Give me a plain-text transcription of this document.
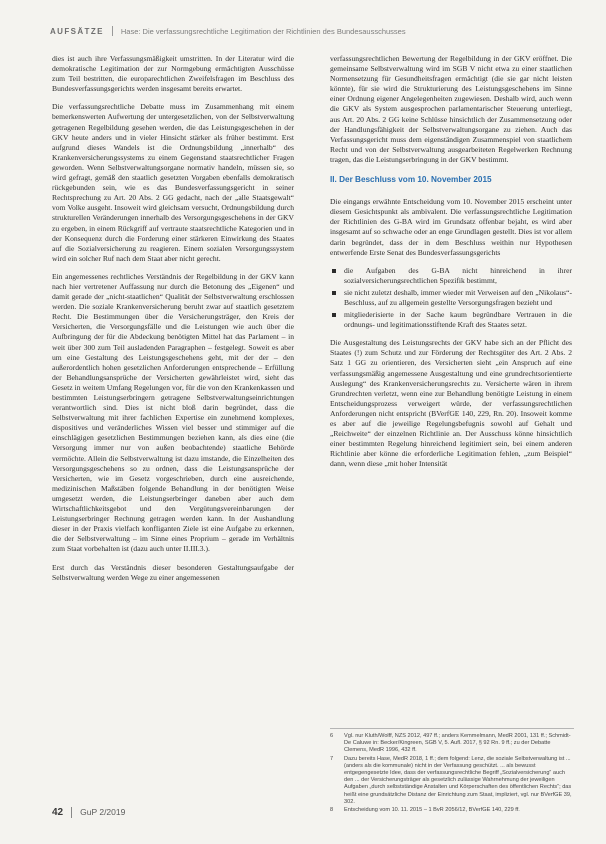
AUFSÄTZE Hase: Die verfassungsrechtliche Legitimation der Richtlinien des Bundesausschusses

dies ist auch ihre Verfassungsmäßigkeit umstritten. In der Literatur wird die demokratische Legitimation der zur Normgebung ermächtigten Ausschüsse zum Teil bestritten, die europarechtlichen Zweifelsfragen im Beschluss des Bundesverfassungsgerichts werden insgesamt bereits erwartet.

Die verfassungsrechtliche Debatte muss im Zusammenhang mit einem bemerkenswerten Aufwertung der untergesetzlichen, von der Selbstverwaltung getragenen Regelbildung gesehen werden, die das Leistungsgeschehen in der GKV heute anders und in vieler Hinsicht stärker als früher bestimmt. Erst aufgrund dieses Wandels ist die Ordnungsbildung „innerhalb“ des Krankenversicherungssystems zu einem Gegenstand staatsrechtlicher Fragen geworden. Wenn Selbstverwaltungsorgane normativ handeln, müssen sie, so wird gefragt, gemäß den staatlich gesetzten Vorgaben ebenfalls demokratisch rückgebunden sein, wie es das Bundesverfassungsgericht in seiner Rechtsprechung zu Art. 20 Abs. 2 GG gedacht, nach der „alle Staatsgewalt“ vom Volke ausgeht. Insoweit wird gleichsam versucht, Ordnungsbildung durch strukturellen Veränderungen innerhalb des Versorgungsgeschehens in der GKV zu ergeben, in einem Rückgriff auf vertraute staatsrechtliche Kategorien und in der Konsequenz durch die Forderung einer stärkeren Einwirkung des Staates auf die Sozialversicherung zu reagieren. Einem sozialen Versorgungssystem wird ein solcher Ruf nach dem Staat aber nicht gerecht.

Ein angemessenes rechtliches Verständnis der Regelbildung in der GKV kann nach hier vertretener Auffassung nur durch die Betonung des „Eigenen“ und damit gerade der „nicht-staatlichen“ Qualität der Selbstverwaltung erschlossen werden. Die soziale Krankenversicherung beruht zwar auf staatlich gesetztem Recht. Die Bestimmungen über die Versicherungsträger, den Kreis der Versicherten, die Versorgungsfälle und die Leistungen wie auch über die Aufbringung der für die Abdeckung benötigten Mittel hat das Parlament – in weit über 300 zum Teil ausladenden Paragraphen – festgelegt. Soweit es aber um eine Gestaltung des Leistungsgeschehens geht, mit der der – den außerordentlich hohen gesetzlichen Anforderungen entsprechende – Erfüllung der Behandlungsansprüche der Versicherten gewährleistet wird, sieht das Gesetz in weitem Umfang Regelungen vor, für die von den Krankenkassen und bestimmten Leistungserbringern getragene Selbstverwaltungseinrichtungen verantwortlich sind. Dies ist nicht bloß darin begründet, dass die Selbstverwaltung mit ihrer fachlichen Expertise ein zunehmend komplexes, dispositives und veränderliches Wissen viel besser und stimmiger auf die einschlägigen gesetzlichen Bestimmungen beziehen kann, als dies eine (die Versorgung immer nur von außen beobachtende) staatliche Behörde vermöchte. Allein die Selbstverwaltung ist dazu imstande, die Einzelheiten des Versorgungsgeschehens so zu ordnen, dass die Leistungsansprüche der Versicherten, wie im Gesetz vorgeschrieben, durch eine ausreichende, medizinischen Maßstäben folgende Behandlung in der benötigten Weise umgesetzt werden, die Leistungserbringer daneben aber auch dem Wirtschaftlichkeitsgebot und den Vergütungsvereinbarungen der Leistungserbringer Rechnung getragen werden kann. In der Aushandlung dieser in der Praxis vielfach konfliganten Ziele ist eine Aufgabe zu erkennen, die der Selbstverwaltung – im Sinne eines Proprium – gerade im Verhältnis zum Staat vorbehalten ist (dazu auch unter II.III.3.).

Erst durch das Verständnis dieser besonderen Gestaltungsaufgabe der Selbstverwaltung werden Wege zu einer angemessenen

verfassungsrechtlichen Bewertung der Regelbildung in der GKV eröffnet. Die gemeinsame Selbstverwaltung wird im SGB V nicht etwa zu einer staatlichen Normensetzung für Gesundheitsfragen ermächtigt (die sie gar nicht leisten könnte), für sie wird die Strukturierung des Leistungsgeschehens im Sinne einer Ordnung eigener Angelegenheiten zugewiesen. Deshalb wird, auch wenn die GKV als System ausgesprochen parlamentarischer Steuerung unterliegt, aus Art. 20 Abs. 2 GG keine Schlüsse hinsichtlich der Zusammensetzung oder der Handlungsfähigkeit der Selbstverwaltungsorgane zu ziehen. Auch das Verfassungsgericht muss dem eigenständigen Zusammenspiel von staatlichem Recht und von der Selbstverwaltung ausgearbeiteten Regelwerken Rechnung tragen, das die Leistungserbringung in der GKV bestimmt.

II. Der Beschluss vom 10. November 2015

Die eingangs erwähnte Entscheidung vom 10. November 2015 erscheint unter diesem Gesichtspunkt als ambivalent. Die verfassungsrechtliche Legitimation der Richtlinien des G-BA wird im Grundsatz offenbar bejaht, es wird aber insgesamt auf so schwache oder an enge Grundlagen gestellt. Dies ist vor allem darin begründet, dass der in dem Beschluss weithin nur Hypothesen entwerfende Erste Senat des Bundesverfassungsgerichts

die Aufgaben des G-BA nicht hinreichend in ihrer sozialversicherungsrechtlichen Spezifik bestimmt,
sie nicht zuletzt deshalb, immer wieder mit Verweisen auf den „Nikolaus“-Beschluss, auf zu allgemein gestellte Versorgungsfragen bezieht und
mitgliederisierte in der Sache kaum begründbare Vertrauen in die ordnungs- und legitimationsstiftende Kraft des Staates setzt.

Die Ausgestaltung des Leistungsrechts der GKV habe sich an der Pflicht des Staates (!) zum Schutz und zur Förderung der Rechtsgüter des Art. 2 Abs. 2 Satz 1 GG zu orientieren, des Versicherten sieht „ein Anspruch auf eine verfassungsmäßig angemessene Ausgestaltung und eine grundrechtsorientierte Auslegung“ des Krankenversicherungsrechts zu. Versicherte wären in ihrem Grundrechten verletzt, wenn eine zur Behandlung benötigte Leistung in einem Entscheidungsprozess verweigert würde, der verfassungsrechtlichen Anforderungen nicht entspricht (BVerfGE 140, 229, Rn. 20). Insoweit komme es aber auf die jeweilige Regelungsbefugnis sowohl auf Gehalt und „Reichweite“ der einzelnen Richtlinie an. Der Ausschuss könne hinsichtlich einer bestimmten Regelung hinreichend legitimiert sein, bei einem anderen Richtlinie aber könne die erforderliche Legitimation fehlen, „zum Beispiel“ dann, wenn diese „mit hoher Intensität

6	Vgl. nur Kluth/Wolff, NZS 2012, 497 ff.; anders Kemmelmann, MedR 2001, 131 ff.; Schmidt-De Caluwe in: Becker/Kingreen, SGB V, 5. Aufl. 2017, § 92 Rn. 9 ff.; zu der Debatte Clemens, MedR 1996, 432 ff.
7	Dazu bereits Hase, MedR 2018, 1 ff.; dem folgend: Lenz, die soziale Selbstverwaltung ist ... (anders als die kommunale) nicht in der Verfassung geschützt. ... als bewusst entgegengesetzte Idee, dass der verfassungsrechtliche Begriff „Sozialversicherung“ auch den ... der Versicherungsträger als gesetzlich zulässige Wahrnehmung der jeweiligen Aufgaben „durch selbstständige Anstalten und Körperschaften des öffentlichen Rechts“; das heißt eine grundsätzliche Distanz der Einrichtung zum Staat, impliziert, vgl. nur BVerfGE 39, 302.
8	Entscheidung vom 10. 11. 2015 – 1 BvR 2056/12, BVerfGE 140, 229 ff.
42 GuP 2/2019
